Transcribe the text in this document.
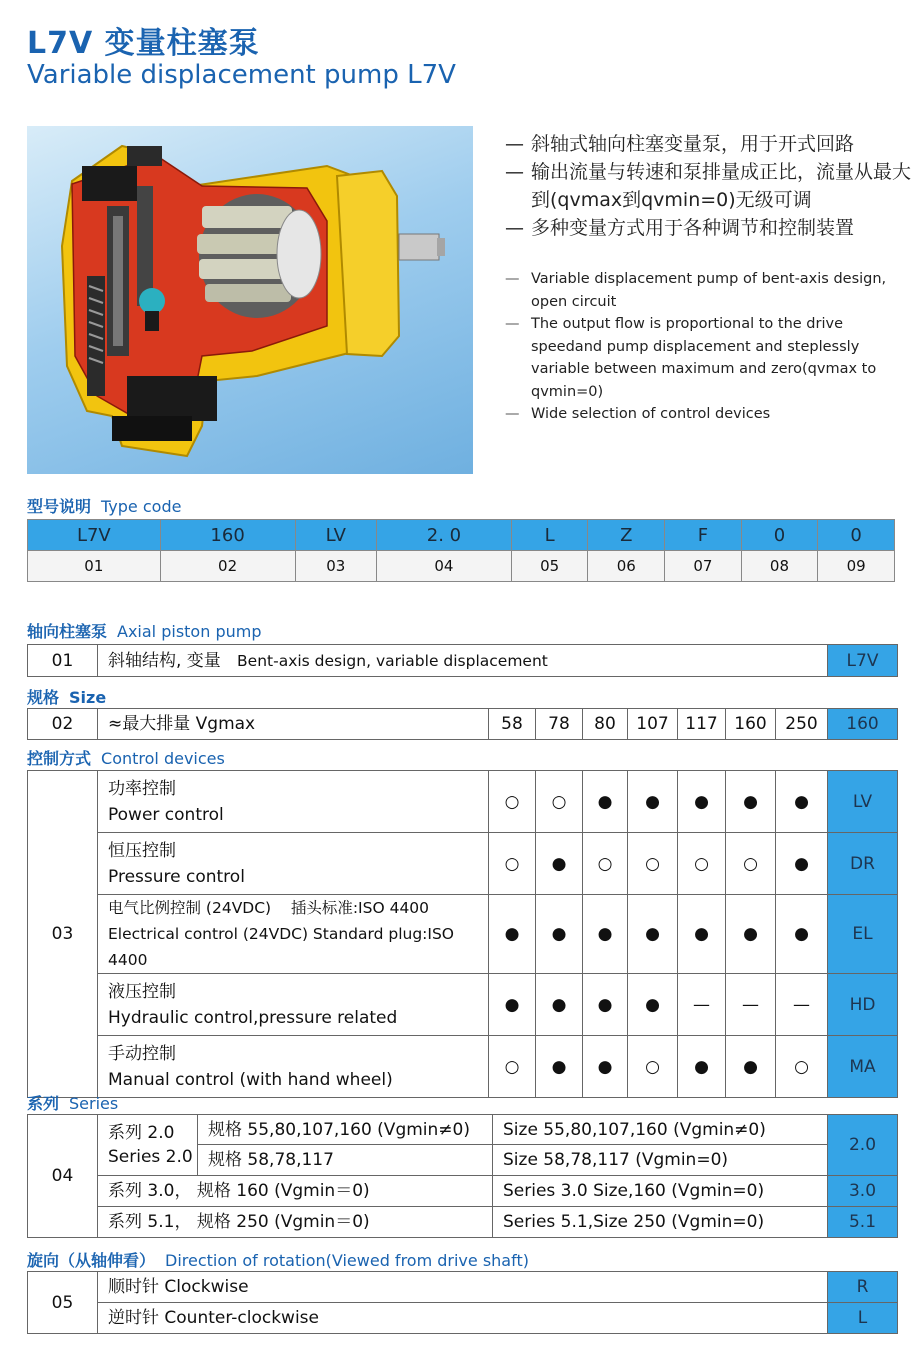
L7V 变量柱塞泵
Variable displacement pump L7V
— 斜轴式轴向柱塞变量泵，用于开式回路
— 输出流量与转速和泵排量成正比，流量从最大到(qvmax到qvmin=0)无级可调
— 多种变量方式用于各种调节和控制装置
— Variable displacement pump of bent-axis design, open circuit
— The output flow is proportional to the drive speedand pump displacement and steplessly variable between maximum and zero(qvmax to qvmin=0)
— Wide selection of control devices
型号说明 Type code
L7V	160	LV	2. 0	L	Z	F	0	0
01	02	03	04	05	06	07	08	09
轴向柱塞泵 Axial piston pump
01	斜轴结构, 变量 Bent-axis design, variable displacement	L7V
规格 Size
02	≈最大排量 Vgmax	58	78	80	107	117	160	250	160
控制方式 Control devices
03	功率控制
Power control	○	○	●	●	●	●	●	LV

	恒压控制
Pressure control	○	●	○	○	○	○	●	DR

	电气比例控制 (24VDC) 插头标准:ISO 4400
Electrical control (24VDC) Standard plug:ISO 4400	●	●	●	●	●	●	●	EL

	液压控制
Hydraulic control,pressure related	●	●	●	●	—	—	—	HD

	手动控制
Manual control (with hand wheel)	○	●	●	○	●	●	○	MA
系列 Series
04	系列 2.0
Series 2.0	规格 55,80,107,160 (Vgmin≠0)	Size 55,80,107,160 (Vgmin≠0)	2.0
		规格 58,78,117	Size 58,78,117 (Vgmin=0)	
	系列 3.0， 规格 160 (Vgmin＝0)		Series 3.0 Size,160 (Vgmin=0)	3.0
	系列 5.1， 规格 250 (Vgmin＝0)		Series 5.1,Size 250 (Vgmin=0)	5.1
旋向（从轴伸看） Direction of rotation(Viewed from drive shaft)
05	顺时针 Clockwise	R
	逆时针 Counter-clockwise	L
